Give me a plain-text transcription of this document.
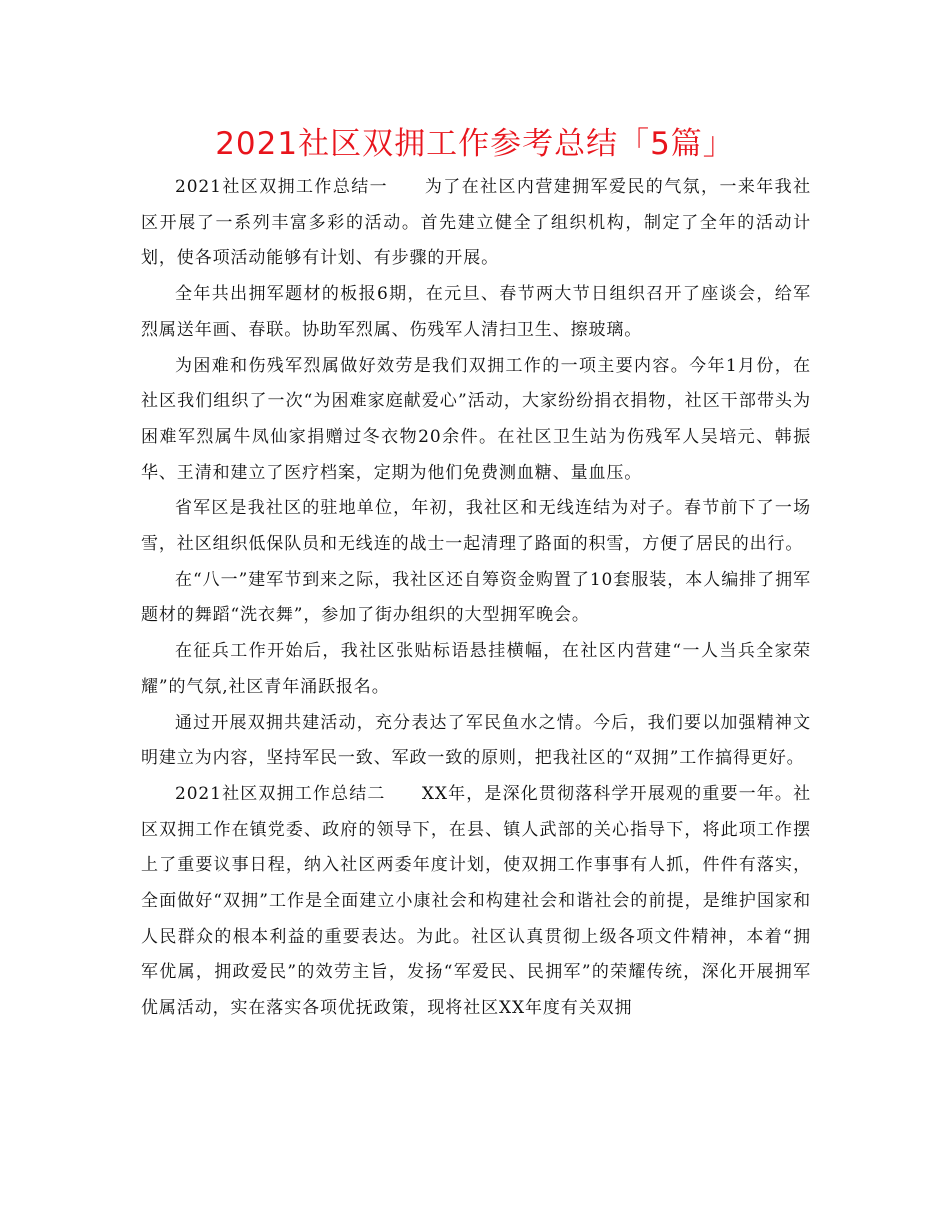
2021社区双拥工作参考总结「5篇」

2021社区双拥工作总结一　　为了在社区内营建拥军爱民的气氛，一来年我社区开展了一系列丰富多彩的活动。首先建立健全了组织机构，制定了全年的活动计划，使各项活动能够有计划、有步骤的开展。

全年共出拥军题材的板报6期，在元旦、春节两大节日组织召开了座谈会，给军烈属送年画、春联。协助军烈属、伤残军人清扫卫生、擦玻璃。

为困难和伤残军烈属做好效劳是我们双拥工作的一项主要内容。今年1月份，在社区我们组织了一次“为困难家庭献爱心”活动，大家纷纷捐衣捐物，社区干部带头为困难军烈属牛凤仙家捐赠过冬衣物20余件。在社区卫生站为伤残军人吴培元、韩振华、王清和建立了医疗档案，定期为他们免费测血糖、量血压。

省军区是我社区的驻地单位，年初，我社区和无线连结为对子。春节前下了一场雪，社区组织低保队员和无线连的战士一起清理了路面的积雪，方便了居民的出行。

在“八一”建军节到来之际，我社区还自筹资金购置了10套服装，本人编排了拥军题材的舞蹈“洗衣舞”，参加了街办组织的大型拥军晚会。

在征兵工作开始后，我社区张贴标语悬挂横幅，在社区内营建“一人当兵全家荣耀”的气氛,社区青年涌跃报名。

通过开展双拥共建活动，充分表达了军民鱼水之情。今后，我们要以加强精神文明建立为内容，坚持军民一致、军政一致的原则，把我社区的“双拥”工作搞得更好。

2021社区双拥工作总结二　　XX年，是深化贯彻落科学开展观的重要一年。社区双拥工作在镇党委、政府的领导下，在县、镇人武部的关心指导下，将此项工作摆上了重要议事日程，纳入社区两委年度计划，使双拥工作事事有人抓，件件有落实，全面做好“双拥”工作是全面建立小康社会和构建社会和谐社会的前提，是维护国家和人民群众的根本利益的重要表达。为此。社区认真贯彻上级各项文件精神，本着“拥军优属，拥政爱民”的效劳主旨，发扬“军爱民、民拥军”的荣耀传统，深化开展拥军优属活动，实在落实各项优抚政策，现将社区XX年度有关双拥
